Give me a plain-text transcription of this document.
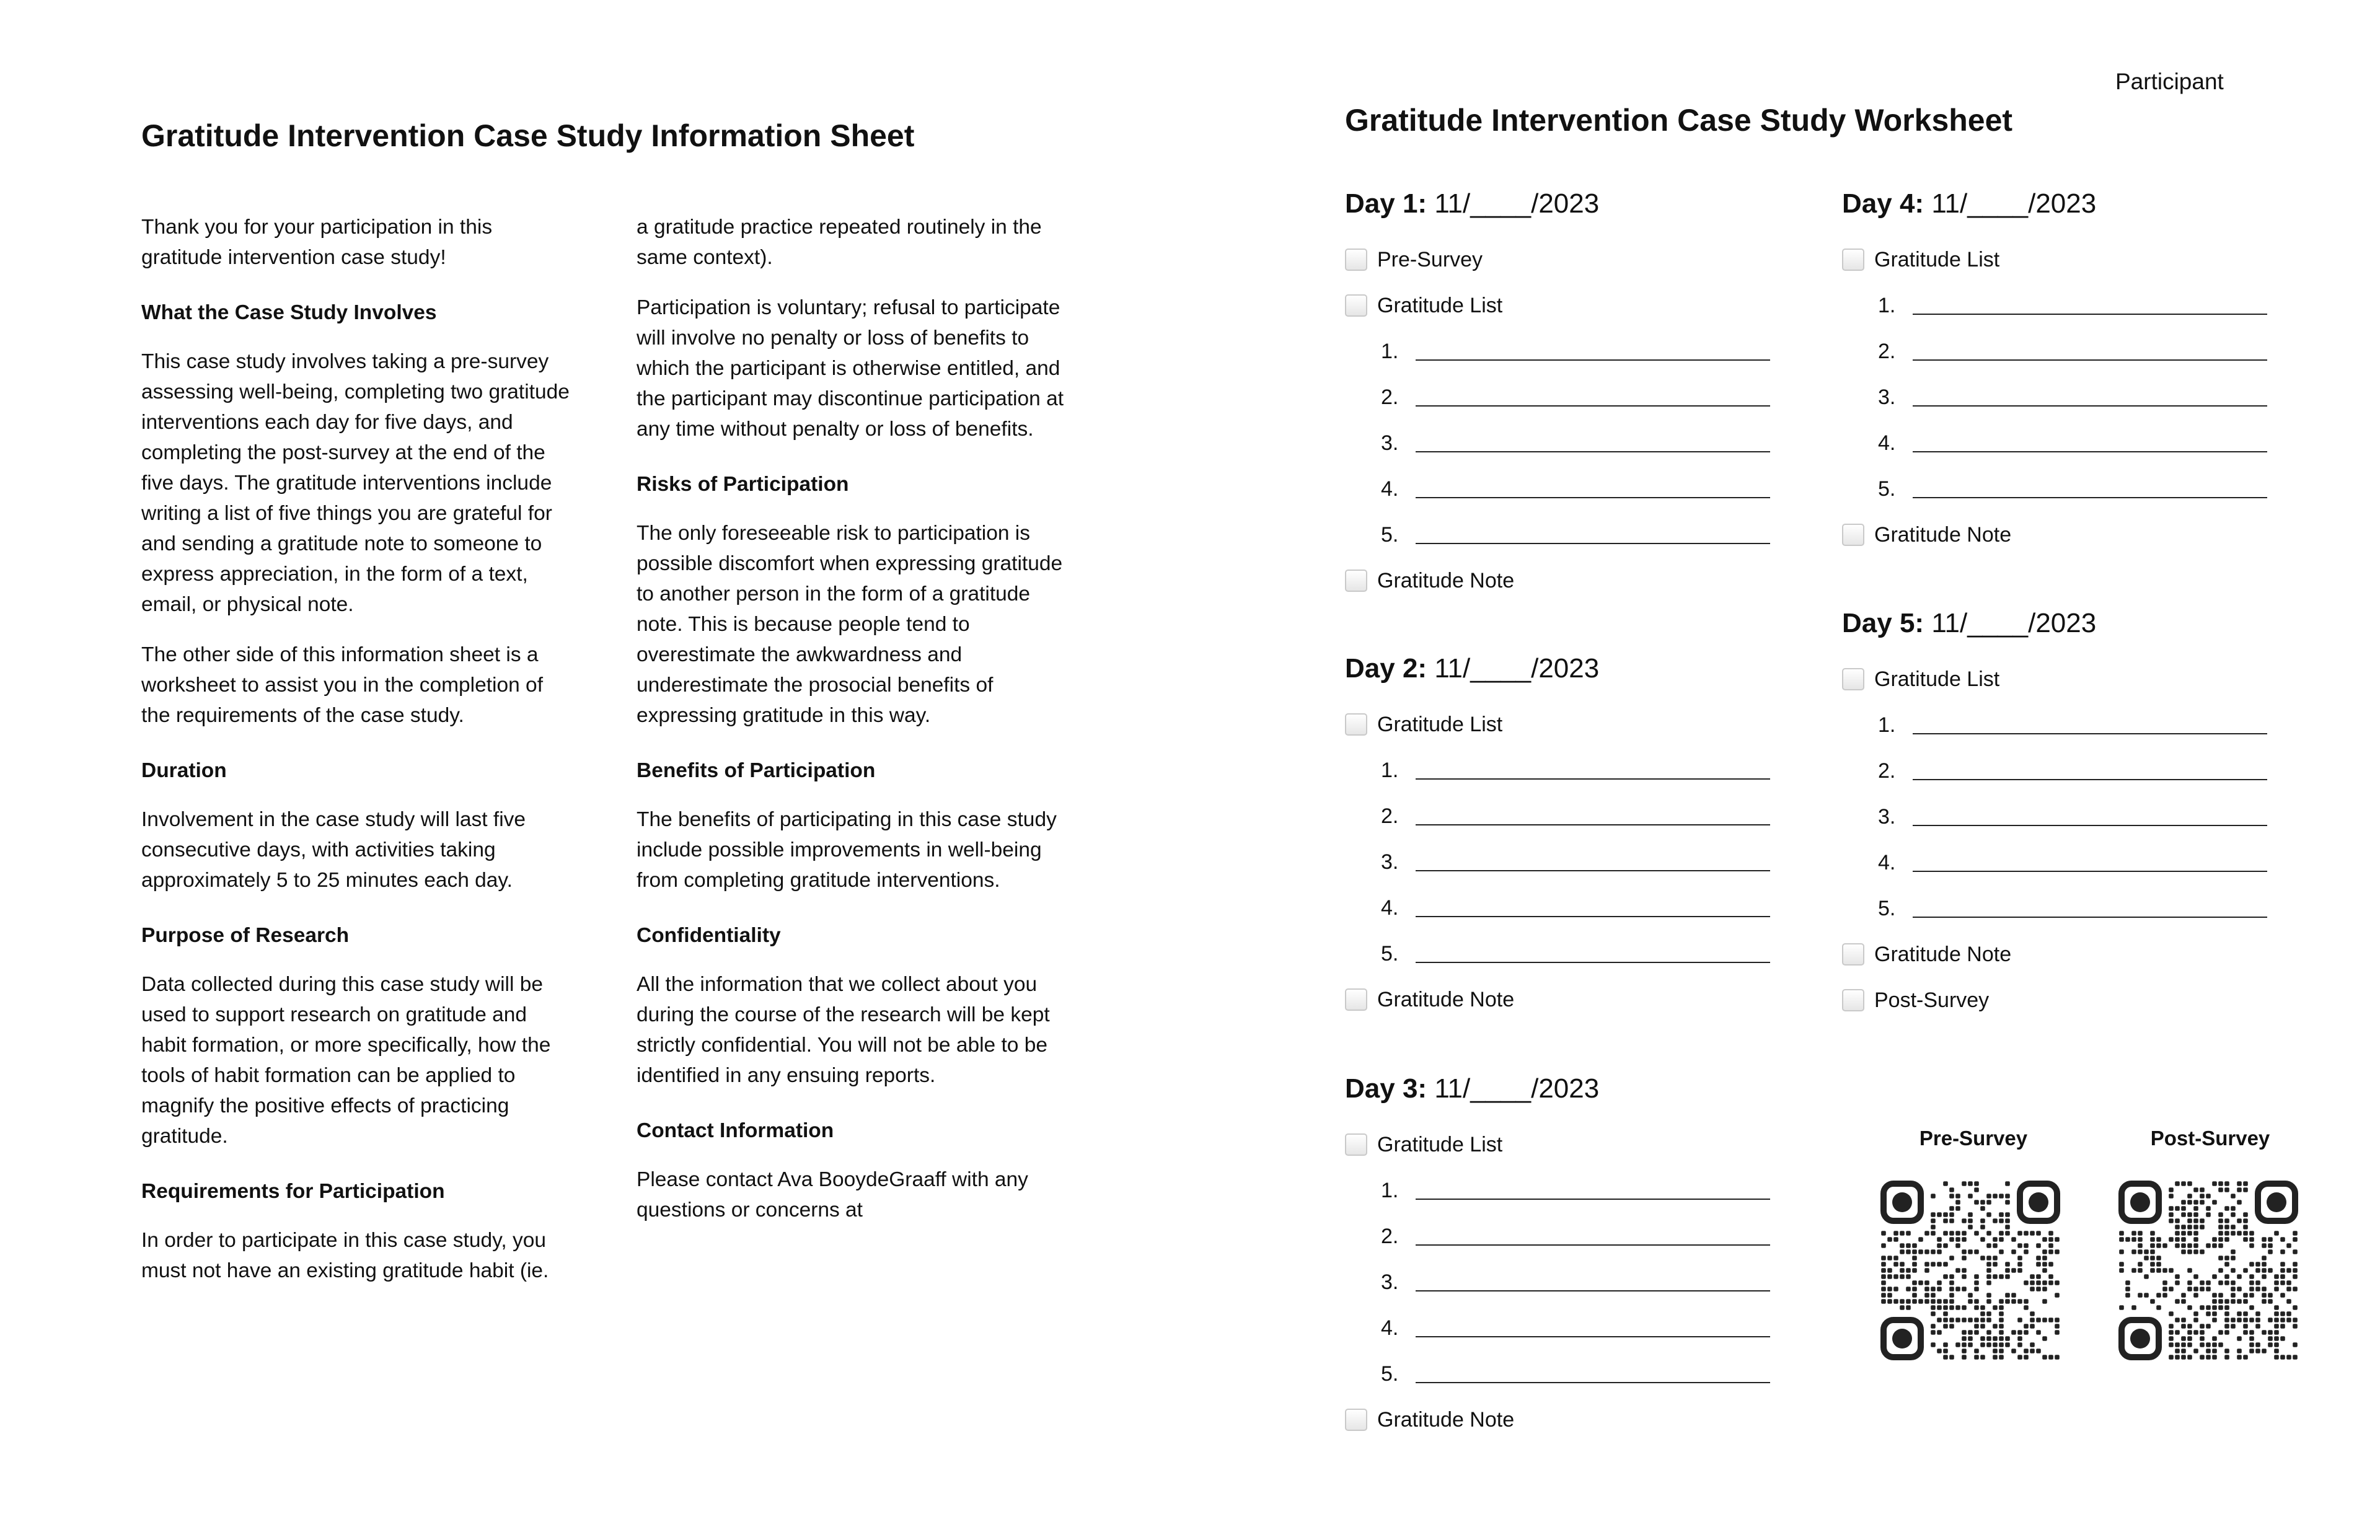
Gratitude Intervention Case Study Information Sheet

Thank you for your participation in this gratitude intervention case study!

What the Case Study Involves

This case study involves taking a pre-survey assessing well-being, completing two gratitude interventions each day for five days, and completing the post-survey at the end of the five days. The gratitude interventions include writing a list of five things you are grateful for and sending a gratitude note to someone to express appreciation, in the form of a text, email, or physical note.

The other side of this information sheet is a worksheet to assist you in the completion of the requirements of the case study.

Duration

Involvement in the case study will last five consecutive days, with activities taking approximately 5 to 25 minutes each day.

Purpose of Research

Data collected during this case study will be used to support research on gratitude and habit formation, or more specifically, how the tools of habit formation can be applied to magnify the positive effects of practicing gratitude.

Requirements for Participation

In order to participate in this case study, you must not have an existing gratitude habit (ie.

a gratitude practice repeated routinely in the same context).

Participation is voluntary; refusal to participate will involve no penalty or loss of benefits to which the participant is otherwise entitled, and the participant may discontinue participation at any time without penalty or loss of benefits.

Risks of Participation

The only foreseeable risk to participation is possible discomfort when expressing gratitude to another person in the form of a gratitude note. This is because people tend to overestimate the awkwardness and underestimate the prosocial benefits of expressing gratitude in this way.

Benefits of Participation

The benefits of participating in this case study include possible improvements in well-being from completing gratitude interventions.

Confidentiality

All the information that we collect about you during the course of the research will be kept strictly confidential. You will not be able to be identified in any ensuing reports.

Contact Information

Please contact Ava BooydeGraaff with any questions or concerns at

Participant
Gratitude Intervention Case Study Worksheet
Day 1: 11/____/2023
Pre-Survey
Gratitude List
1.
2.
3.
4.
5.
Gratitude Note
Day 2: 11/____/2023
Gratitude List
1.
2.
3.
4.
5.
Gratitude Note
Day 3: 11/____/2023
Gratitude List
1.
2.
3.
4.
5.
Gratitude Note
Day 4: 11/____/2023
Gratitude List
1.
2.
3.
4.
5.
Gratitude Note
Day 5: 11/____/2023
Gratitude List
1.
2.
3.
4.
5.
Gratitude Note
Post-Survey
Pre-Survey	Post-Survey
